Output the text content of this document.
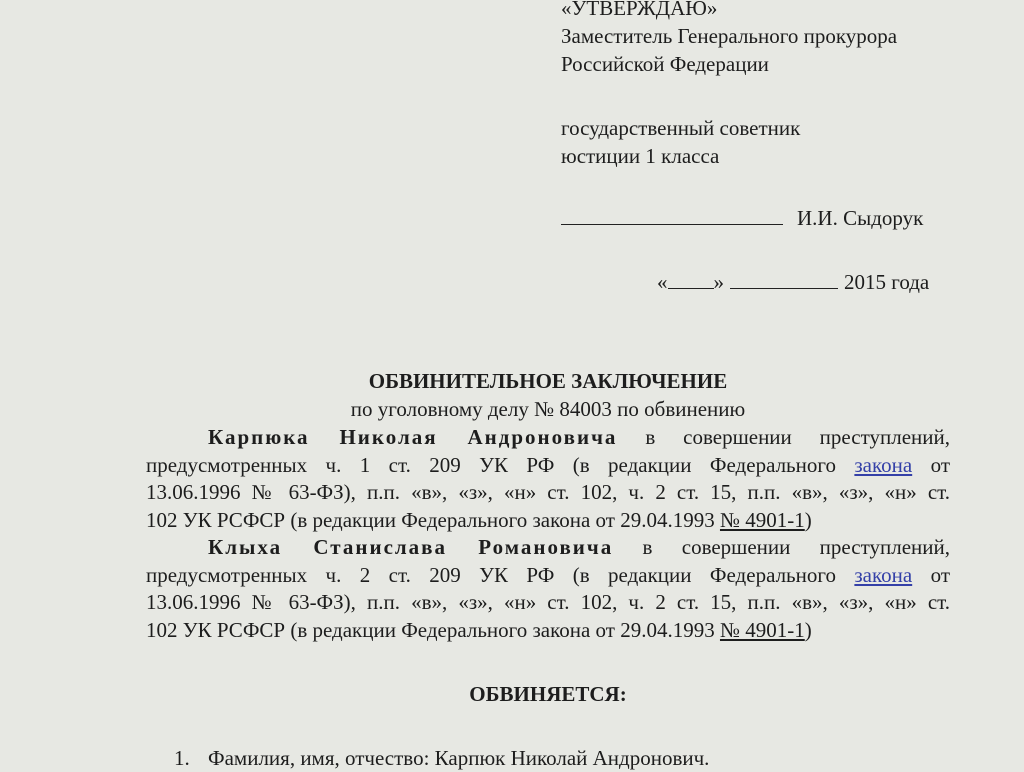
«УТВЕРЖДАЮ»
Заместитель Генерального прокурора
Российской Федерации
государственный советник
юстиции 1 класса
И.И. Сыдорук
« »	2015 года
ОБВИНИТЕЛЬНОЕ ЗАКЛЮЧЕНИЕ
по уголовному делу № 84003 по обвинению
Карпюка Николая Андроновича в совершении преступлений,
предусмотренных ч. 1 ст. 209 УК РФ (в редакции Федерального закона от
13.06.1996 № 63-ФЗ), п.п. «в», «з», «н» ст. 102, ч. 2 ст. 15, п.п. «в», «з», «н» ст.
102 УК РСФСР (в редакции Федерального закона от 29.04.1993 № 4901-1)
Клыха Станислава Романовича в совершении преступлений,
предусмотренных ч. 2 ст. 209 УК РФ (в редакции Федерального закона от
13.06.1996 № 63-ФЗ), п.п. «в», «з», «н» ст. 102, ч. 2 ст. 15, п.п. «в», «з», «н» ст.
102 УК РСФСР (в редакции Федерального закона от 29.04.1993 № 4901-1)
ОБВИНЯЕТСЯ:
1. Фамилия, имя, отчество: Карпюк Николай Андронович.
